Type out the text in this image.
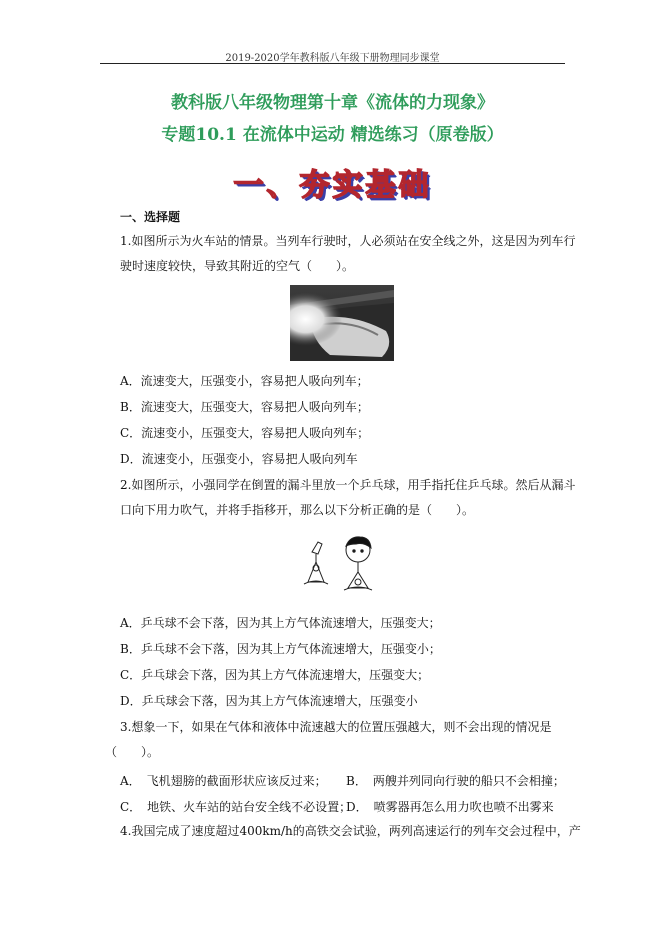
2019-2020学年教科版八年级下册物理同步课堂
教科版八年级物理第十章《流体的力现象》
专题10.1 在流体中运动 精选练习（原卷版）
一、夯实基础
一、选择题
1.如图所示为火车站的情景。当列车行驶时，人必须站在安全线之外，这是因为列车行
驶时速度较快，导致其附近的空气（　　）。
A．流速变大，压强变小，容易把人吸向列车；
B．流速变大，压强变大，容易把人吸向列车；
C．流速变小，压强变大，容易把人吸向列车；
D．流速变小，压强变小，容易把人吸向列车
2.如图所示，小强同学在倒置的漏斗里放一个乒乓球，用手指托住乒乓球。然后从漏斗
口向下用力吹气，并将手指移开，那么以下分析正确的是（　　）。
A．乒乓球不会下落，因为其上方气体流速增大，压强变大；
B．乒乓球不会下落，因为其上方气体流速增大，压强变小；
C．乒乓球会下落，因为其上方气体流速增大，压强变大；
D．乒乓球会下落，因为其上方气体流速增大，压强变小
3.想象一下，如果在气体和液体中流速越大的位置压强越大，则不会出现的情况是
（　　）。
A．　飞机翅膀的截面形状应该反过来； B．　两艘并列同向行驶的船只不会相撞；
C．　地铁、火车站的站台安全线不必设置；
D．　喷雾器再怎么用力吹也喷不出雾来
4.我国完成了速度超过400km/h的高铁交会试验，两列高速运行的列车交会过程中，产
